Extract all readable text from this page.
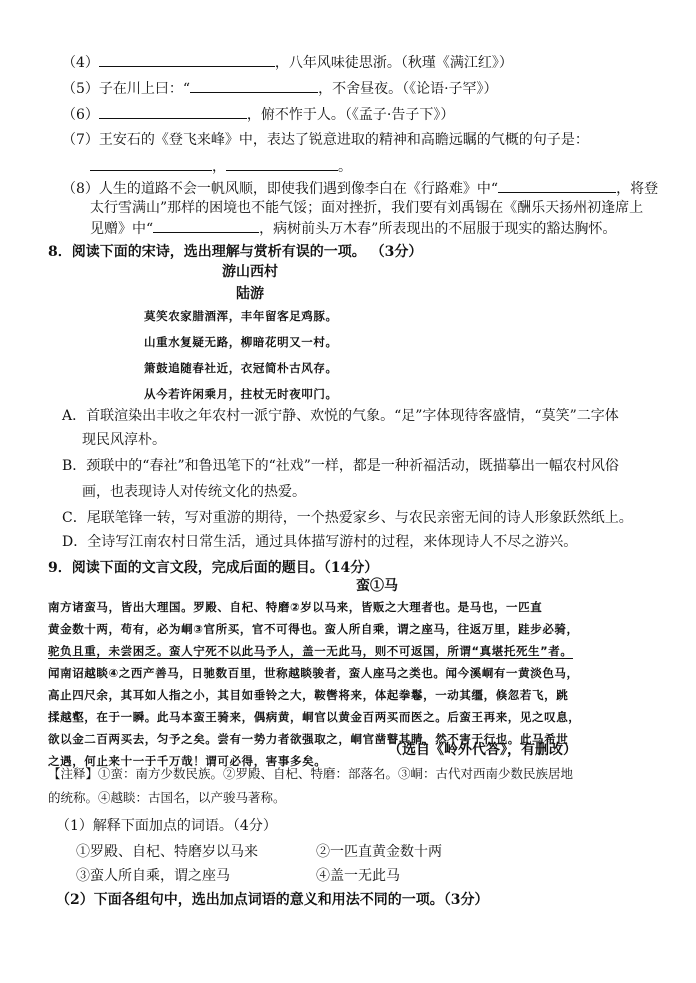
（4）	，八年风味徒思浙。（秋瑾《满江红》）
（5）子在川上曰：“	，不舍昼夜。（《论语·子罕》）
（6）	，俯不怍于人。（《孟子·告子下》）
（7）王安石的《登飞来峰》中，表达了锐意进取的精神和高瞻远瞩的气概的句子是：
，	。
（8）人生的道路不会一帆风顺，即使我们遇到像李白在《行路难》中“	，将登
太行雪满山”那样的困境也不能气馁；面对挫折，我们要有刘禹锡在《酬乐天扬州初逢席上
见赠》中“	，病树前头万木春”所表现出的不屈服于现实的豁达胸怀。
8．阅读下面的宋诗，选出理解与赏析有误的一项。 （3分）
游山西村
陆游
莫笑农家腊酒浑，丰年留客足鸡豚。
山重水复疑无路，柳暗花明又一村。
箫鼓追随春社近，衣冠简朴古风存。
从今若许闲乘月，拄杖无时夜叩门。
A．首联渲染出丰收之年农村一派宁静、欢悦的气象。“足”字体现待客盛情，“莫笑”二字体
现民风淳朴。
B．颈联中的“春社”和鲁迅笔下的“社戏”一样，都是一种祈福活动，既描摹出一幅农村风俗
画，也表现诗人对传统文化的热爱。
C．尾联笔锋一转，写对重游的期待，一个热爱家乡、与农民亲密无间的诗人形象跃然纸上。
D．全诗写江南农村日常生活，通过具体描写游村的过程，来体现诗人不尽之游兴。
9．阅读下面的文言文段，完成后面的题目。（14分）
蛮①马
南方诸蛮马，皆出大理国。罗殿、自杞、特磨②岁以马来，皆贩之大理者也。是马也，一匹直
黄金数十两，苟有，必为峒③官所买，官不可得也。蛮人所自乘，谓之座马，往返万里，跬步必骑，
驼负且重，未尝困乏。蛮人宁死不以此马予人，盖一无此马，则不可返国，所谓“真堪托死生”者。
闻南诏越睒④之西产善马，日驰数百里，世称越睒骏者，蛮人座马之类也。闻今溪峒有一黄淡色马，
高止四尺余，其耳如人指之小，其目如垂铃之大，鞍辔将来，体起拳鬈，一动其缰，倏忽若飞，跳
揉越壑，在于一瞬。此马本蛮王骑来，偶病黄，峒官以黄金百两买而医之。后蛮王再来，见之叹息，
欲以金二百两买去，匀予之矣。尝有一势力者欲强取之，峒官凿瞽其睛，然不害于行也。此马希世
之遇，何止来十一于千万哉！谓可必得，害事多矣。
（选自《岭外代答》，有删改）
【注释】①蛮：南方少数民族。②罗殿、自杞、特磨：部落名。③峒：古代对西南少数民族居地
的统称。④越睒：古国名，以产骏马著称。
（1）解释下面加点的词语。（4分）
①罗殿、自杞、特磨岁以马来	②一匹直黄金数十两
③蛮人所自乘，谓之座马	④盖一无此马
（2）下面各组句中，选出加点词语的意义和用法不同的一项。（3分）
